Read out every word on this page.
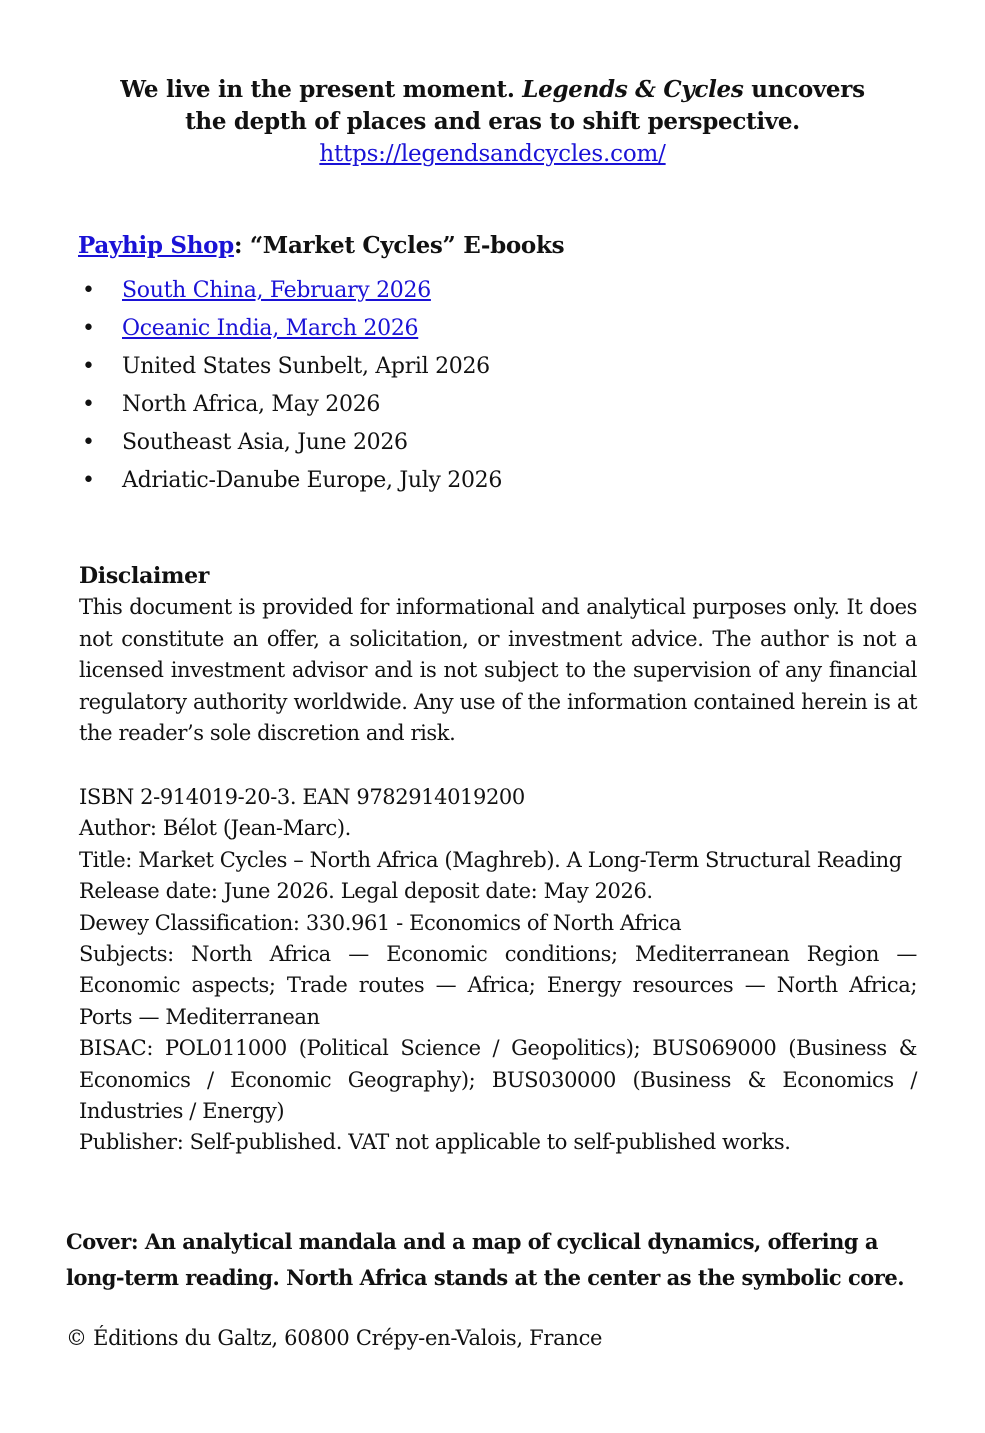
We live in the present moment. Legends & Cycles uncovers
the depth of places and eras to shift perspective.
https://legendsandcycles.com/
Payhip Shop: “Market Cycles” E-books
• South China, February 2026
• Oceanic India, March 2026
• United States Sunbelt, April 2026
• North Africa, May 2026
• Southeast Asia, June 2026
• Adriatic-Danube Europe, July 2026
Disclaimer

This document is provided for informational and analytical purposes only. It does not constitute an offer, a solicitation, or investment advice. The author is not a licensed investment advisor and is not subject to the supervision of any financial regulatory authority worldwide. Any use of the information contained herein is at the reader’s sole discretion and risk.

ISBN 2-914019-20-3. EAN 9782914019200
Author: Bélot (Jean-Marc).
Title: Market Cycles – North Africa (Maghreb). A Long-Term Structural Reading
Release date: June 2026. Legal deposit date: May 2026.
Dewey Classification: 330.961 - Economics of North Africa
Subjects: North Africa — Economic conditions; Mediterranean Region — Economic aspects; Trade routes — Africa; Energy resources — North Africa; Ports — Mediterranean
BISAC: POL011000 (Political Science / Geopolitics); BUS069000 (Business & Economics / Economic Geography); BUS030000 (Business & Economics / Industries / Energy)
Publisher: Self-published. VAT not applicable to self-published works.
Cover: An analytical mandala and a map of cyclical dynamics, offering a long-term reading. North Africa stands at the center as the symbolic core.
© Éditions du Galtz, 60800 Crépy-en-Valois, France
